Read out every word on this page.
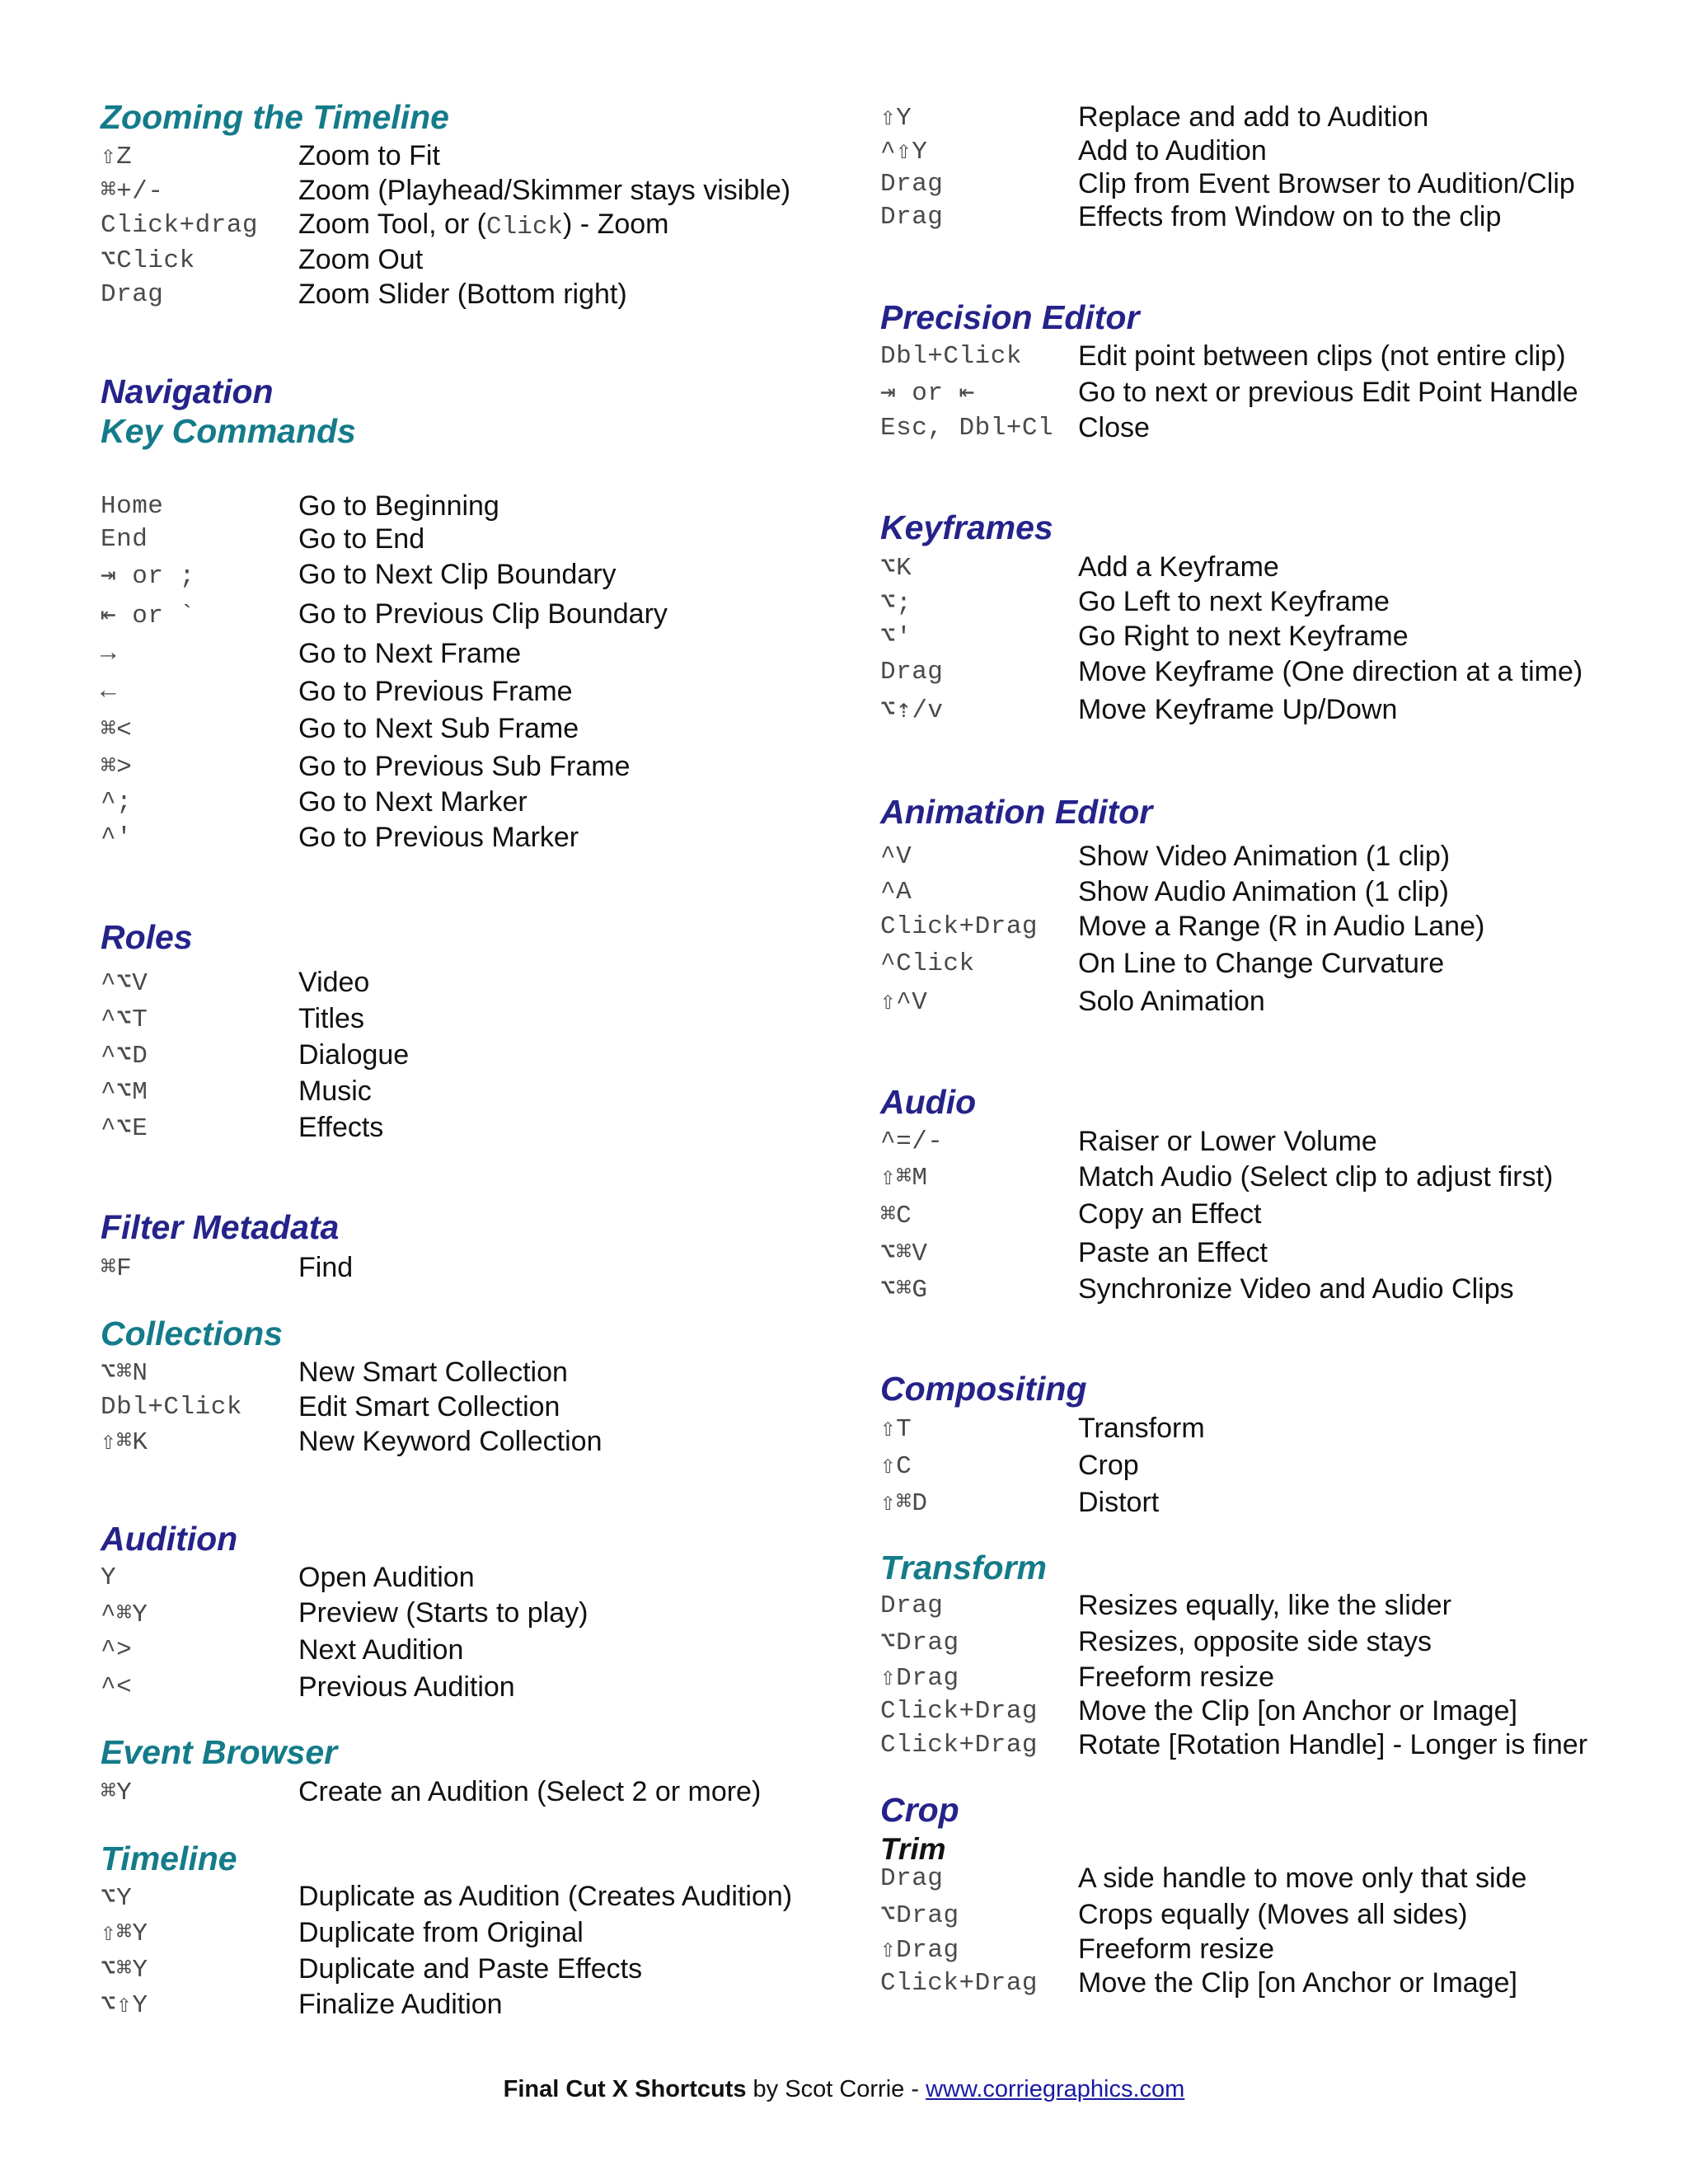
Zooming the Timeline
⇧Z	Zoom to Fit
⌘+/-	Zoom (Playhead/Skimmer stays visible)
Click+drag	Zoom Tool, or (Click) - Zoom
⌥Click	Zoom Out
Drag	Zoom Slider (Bottom right)
Navigation
Key Commands
Home	Go to Beginning
End	Go to End
⇥ or ;	Go to Next Clip Boundary
⇤ or `	Go to Previous Clip Boundary
→	Go to Next Frame
←	Go to Previous Frame
⌘<	Go to Next Sub Frame
⌘>	Go to Previous Sub Frame
^;	Go to Next Marker
^'	Go to Previous Marker
Roles
^⌥V	Video
^⌥T	Titles
^⌥D	Dialogue
^⌥M	Music
^⌥E	Effects
Filter Metadata
⌘F	Find
Collections
⌥⌘N	New Smart Collection
Dbl+Click	Edit Smart Collection
⇧⌘K	New Keyword Collection
Audition
Y	Open Audition
^⌘Y	Preview (Starts to play)
^>	Next Audition
^<	Previous Audition
Event Browser
⌘Y	Create an Audition (Select 2 or more)
Timeline
⌥Y	Duplicate as Audition (Creates Audition)
⇧⌘Y	Duplicate from Original
⌥⌘Y	Duplicate and Paste Effects
⌥⇧Y	Finalize Audition
⇧Y	Replace and add to Audition
^⇧Y	Add to Audition
Drag	Clip from Event Browser to Audition/Clip
Drag	Effects from Window on to the clip
Precision Editor
Dbl+Click	Edit point between clips (not entire clip)
⇥ or ⇤	Go to next or previous Edit Point Handle
Esc, Dbl+Cl Close
Keyframes
⌥K	Add a Keyframe
⌥;	Go Left to next Keyframe
⌥'	Go Right to next Keyframe
Drag	Move Keyframe (One direction at a time)
⌥⇡/v	Move Keyframe Up/Down
Animation Editor
^V	Show Video Animation (1 clip)
^A	Show Audio Animation (1 clip)
Click+Drag	Move a Range (R in Audio Lane)
^Click	On Line to Change Curvature
⇧^V	Solo Animation
Audio
^=/-	Raiser or Lower Volume
⇧⌘M	Match Audio (Select clip to adjust first)
⌘C	Copy an Effect
⌥⌘V	Paste an Effect
⌥⌘G	Synchronize Video and Audio Clips
Compositing
⇧T	Transform
⇧C	Crop
⇧⌘D	Distort
Transform
Drag	Resizes equally, like the slider
⌥Drag	Resizes, opposite side stays
⇧Drag	Freeform resize
Click+Drag	Move the Clip [on Anchor or Image]
Click+Drag	Rotate [Rotation Handle] - Longer is finer
Crop
Trim
Drag	A side handle to move only that side
⌥Drag	Crops equally (Moves all sides)
⇧Drag	Freeform resize
Click+Drag	Move the Clip [on Anchor or Image]
Final Cut X Shortcuts by Scot Corrie - www.corriegraphics.com
